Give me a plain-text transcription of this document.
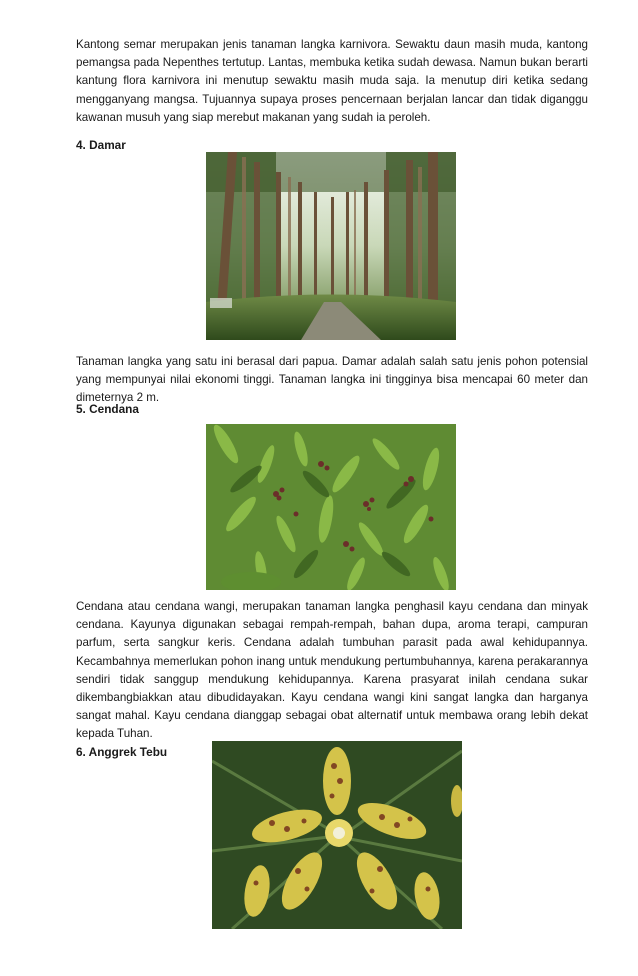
Kantong semar merupakan jenis tanaman langka karnivora. Sewaktu daun masih muda, kantong pemangsa pada Nepenthes tertutup. Lantas, membuka ketika sudah dewasa. Namun bukan berarti kantung flora karnivora ini menutup sewaktu masih muda saja. Ia menutup diri ketika sedang mengganyang mangsa. Tujuannya supaya proses pencernaan berjalan lancar dan tidak diganggu kawanan musuh yang siap merebut makanan yang sudah ia peroleh.

4. Damar

Tanaman langka yang satu ini berasal dari papua. Damar adalah salah satu jenis pohon potensial yang mempunyai nilai ekonomi tinggi. Tanaman langka ini tingginya bisa mencapai 60 meter dan dimeternya 2 m.

5. Cendana

Cendana atau cendana wangi, merupakan tanaman langka penghasil kayu cendana dan minyak cendana. Kayunya digunakan sebagai rempah-rempah, bahan dupa, aroma terapi, campuran parfum, serta sangkur keris. Cendana adalah tumbuhan parasit pada awal kehidupannya. Kecambahnya memerlukan pohon inang untuk mendukung pertumbuhannya, karena perakarannya sendiri tidak sanggup mendukung kehidupannya. Karena prasyarat inilah cendana sukar dikembangbiakkan atau dibudidayakan. Kayu cendana wangi kini sangat langka dan harganya sangat mahal. Kayu cendana dianggap sebagai obat alternatif untuk membawa orang lebih dekat kepada Tuhan.

6. Anggrek Tebu
